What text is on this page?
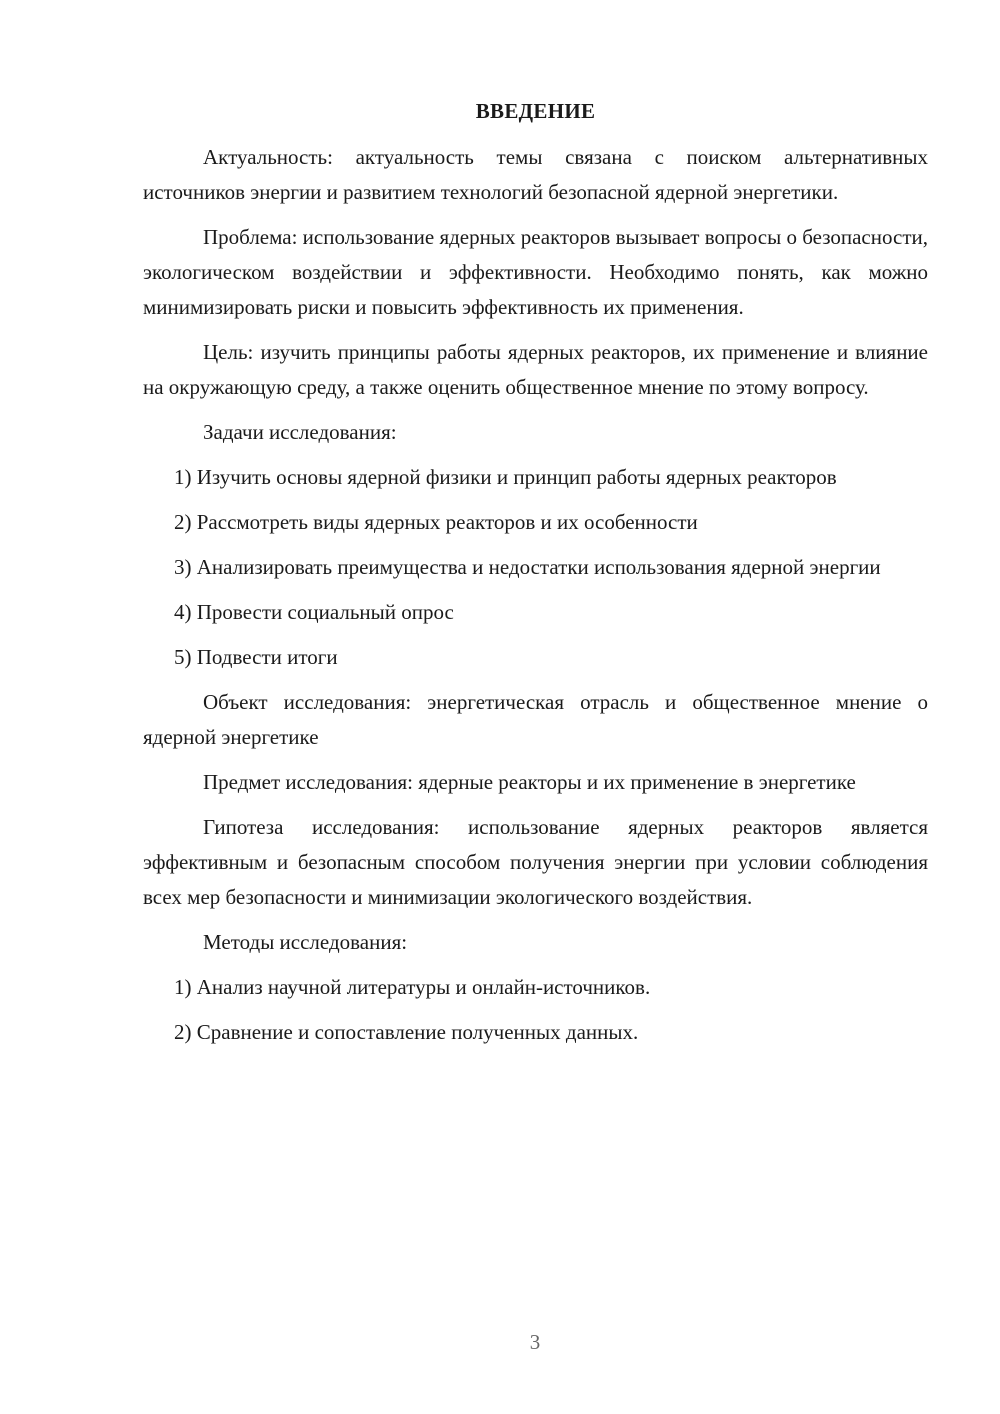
ВВЕДЕНИЕ
Актуальность: актуальность темы связана с поиском альтернативных источников энергии и развитием технологий безопасной ядерной энергетики.
Проблема: использование ядерных реакторов вызывает вопросы о безопасности, экологическом воздействии и эффективности. Необходимо понять, как можно минимизировать риски и повысить эффективность их применения.
Цель: изучить принципы работы ядерных реакторов, их применение и влияние на окружающую среду, а также оценить общественное мнение по этому вопросу.
Задачи исследования:
1) Изучить основы ядерной физики и принцип работы ядерных реакторов
2) Рассмотреть виды ядерных реакторов и их особенности
3) Анализировать преимущества и недостатки использования ядерной энергии
4) Провести социальный опрос
5) Подвести итоги
Объект исследования: энергетическая отрасль и общественное мнение о ядерной энергетике
Предмет исследования: ядерные реакторы и их применение в энергетике
Гипотеза исследования: использование ядерных реакторов является эффективным и безопасным способом получения энергии при условии соблюдения всех мер безопасности и минимизации экологического воздействия.
Методы исследования:
1) Анализ научной литературы и онлайн-источников.
2) Сравнение и сопоставление полученных данных.
3
